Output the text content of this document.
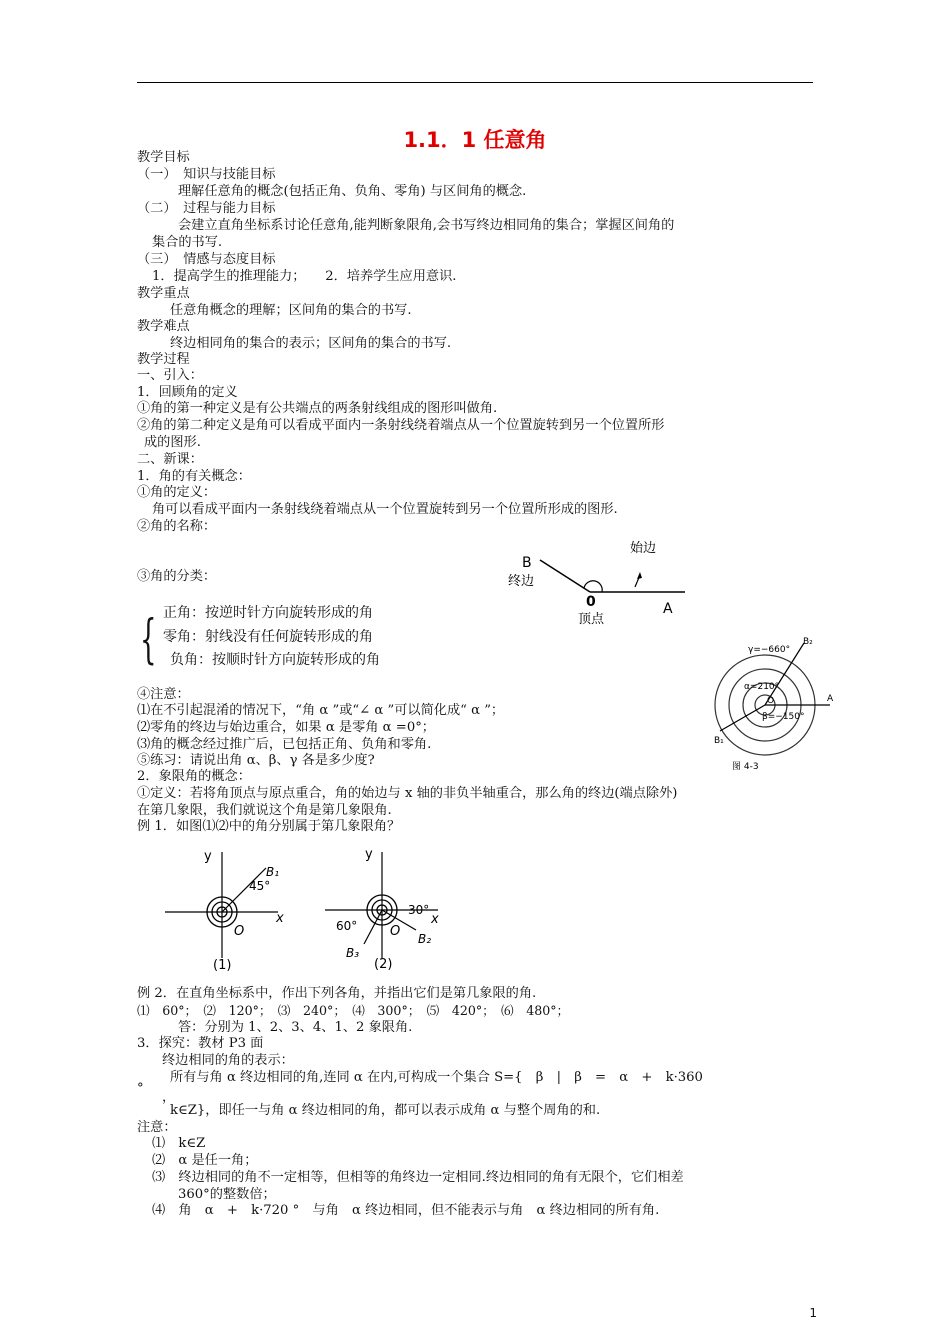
1.1．1 任意角
教学目标
（一）　知识与技能目标
理解任意角的概念(包括正角、负角、零角) 与区间角的概念.
（二）　过程与能力目标
会建立直角坐标系讨论任意角,能判断象限角,会书写终边相同角的集合；掌握区间角的
集合的书写.
（三）　情感与态度目标
1．提高学生的推理能力；　　2．培养学生应用意识.
教学重点
任意角概念的理解；区间角的集合的书写.
教学难点
终边相同角的集合的表示；区间角的集合的书写.
教学过程
一、引入：
1．回顾角的定义
①角的第一种定义是有公共端点的两条射线组成的图形叫做角.
②角的第二种定义是角可以看成平面内一条射线绕着端点从一个位置旋转到另一个位置所形
成的图形.
二、新课：
1．角的有关概念：
①角的定义：
角可以看成平面内一条射线绕着端点从一个位置旋转到另一个位置所形成的图形.
②角的名称：
③角的分类：
{ 正角：按逆时针方向旋转形成的角
零角：射线没有任何旋转形成的角
负角：按顺时针方向旋转形成的角
④注意：
⑴在不引起混淆的情况下，“角 α ”或“∠ α ”可以简化成“ α ”；
⑵零角的终边与始边重合，如果 α 是零角 α =0°；
⑶角的概念经过推广后，已包括正角、负角和零角.
⑤练习：请说出角 α、β、γ 各是多少度?
2．象限角的概念：
①定义：若将角顶点与原点重合，角的始边与 x 轴的非负半轴重合，那么角的终边(端点除外)
在第几象限，我们就说这个角是第几象限角.
例 1．如图⑴⑵中的角分别属于第几象限角？
例 2．在直角坐标系中，作出下列各角，并指出它们是第几象限的角.
⑴　60°；　⑵　120°；　⑶　240°；　⑷　300°；　⑸　420°；　⑹　480°；
答：分别为 1、2、3、4、1、2 象限角.
3．探究：教材 P3 面
终边相同的角的表示：
所有与角 α 终边相同的角,连同 α 在内,可构成一个集合 S={　β　|　β　=　α　+　k·360
°
，
k∈Z}，即任一与角 α 终边相同的角，都可以表示成角 α 与整个周角的和.
注意：
⑴　k∈Z
⑵　α 是任一角；
⑶　终边相同的角不一定相等，但相等的角终边一定相同.终边相同的角有无限个，它们相差
360°的整数倍；
⑷　角　α　+　k·720 °　与角　α 终边相同，但不能表示与角　α 终边相同的所有角.
B
终边
始边
0	A
顶点
γ=−660°
α=210°
β=−150°
O	A
B₂
B₁
图 4-3
y
x
O
B₁
45°
(1)
y
x
O
30°
60°
B₂
B₃
(2)
1
